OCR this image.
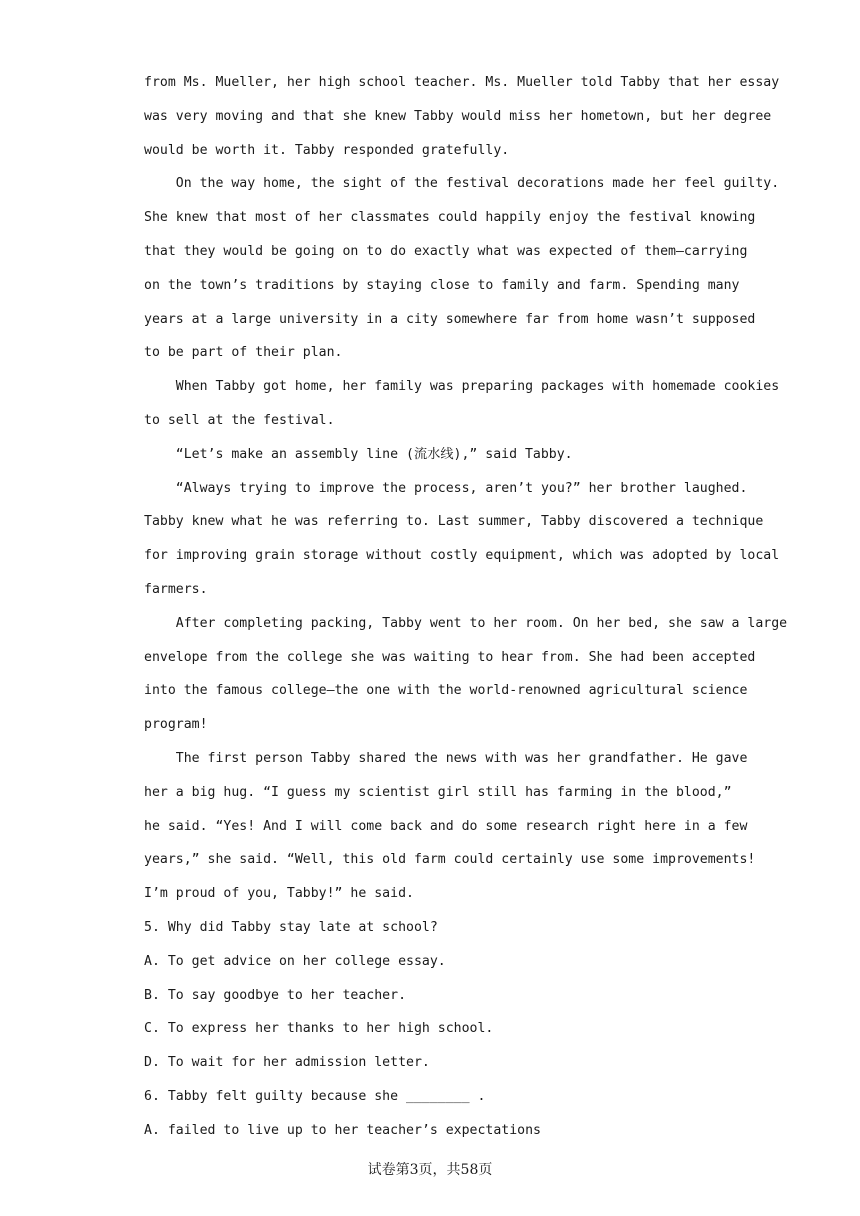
from Ms. Mueller, her high school teacher. Ms. Mueller told Tabby that her essay
was very moving and that she knew Tabby would miss her hometown, but her degree
would be worth it. Tabby responded gratefully.
On the way home, the sight of the festival decorations made her feel guilty.
She knew that most of her classmates could happily enjoy the festival knowing
that they would be going on to do exactly what was expected of them—carrying
on the town’s traditions by staying close to family and farm. Spending many
years at a large university in a city somewhere far from home wasn’t supposed
to be part of their plan.
When Tabby got home, her family was preparing packages with homemade cookies
to sell at the festival.
“Let’s make an assembly line (流水线),” said Tabby.
“Always trying to improve the process, aren’t you?” her brother laughed.
Tabby knew what he was referring to. Last summer, Tabby discovered a technique
for improving grain storage without costly equipment, which was adopted by local
farmers.
After completing packing, Tabby went to her room. On her bed, she saw a large
envelope from the college she was waiting to hear from. She had been accepted
into the famous college—the one with the world-renowned agricultural science
program!
The first person Tabby shared the news with was her grandfather. He gave
her a big hug. “I guess my scientist girl still has farming in the blood,”
he said. “Yes! And I will come back and do some research right here in a few
years,” she said. “Well, this old farm could certainly use some improvements!
I’m proud of you, Tabby!” he said.
5. Why did Tabby stay late at school?
A. To get advice on her college essay.
B. To say goodbye to her teacher.
C. To express her thanks to her high school.
D. To wait for her admission letter.
6. Tabby felt guilty because she ________ .
A. failed to live up to her teacher’s expectations
试卷第3页，共58页
